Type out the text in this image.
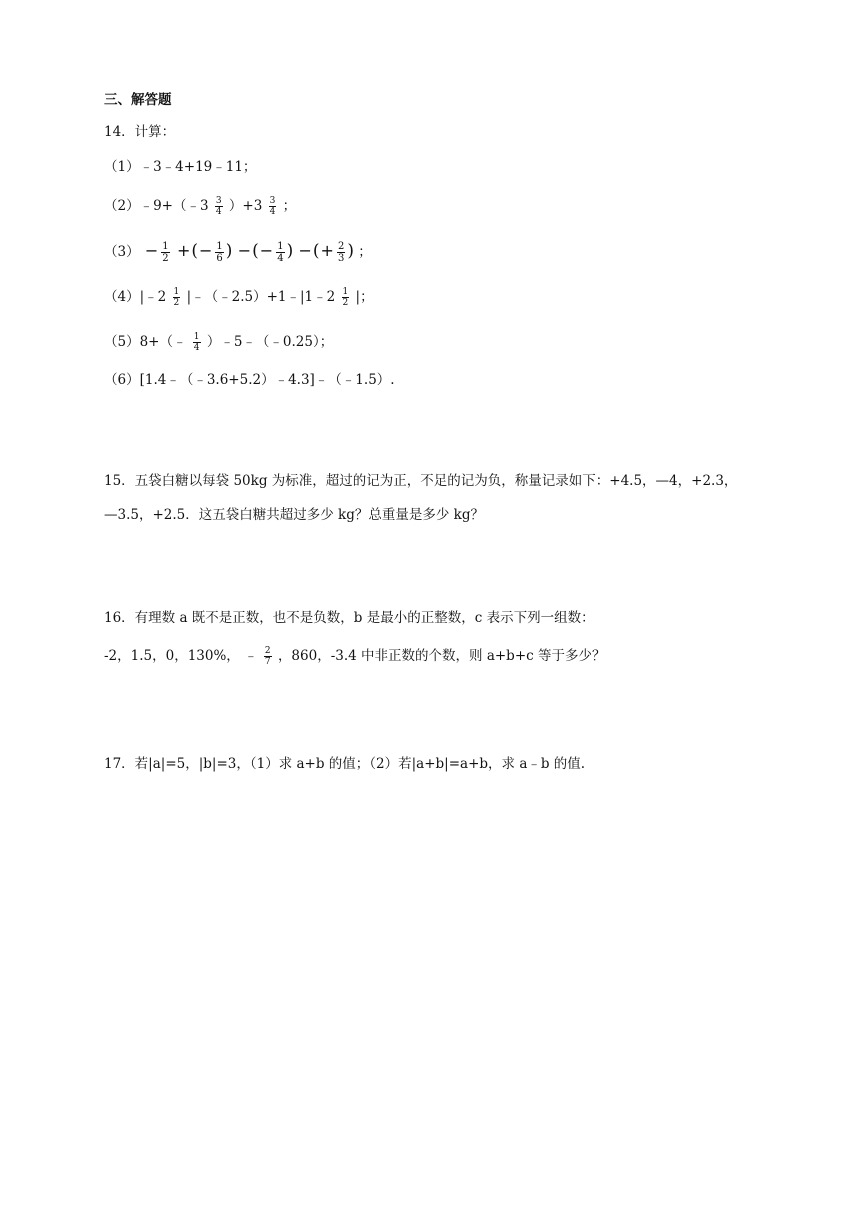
三、解答题
14．计算：
（1）﹣3﹣4+19﹣11；
（2）﹣9+（﹣3 $\frac{3}{4} )+3 \frac{3}{4}$ ；
$(3) - \frac{1}{2}$ +(− $\frac{1}{6}$ ) −(− $\frac{1}{4}$ ) −(+ $\frac{2}{3}$ ) ；
（4）|﹣2 $\frac{1}{2}$ |﹣（﹣2.5）+1﹣|1﹣2 $\frac{1}{2}$ |；
（5）8+（﹣ $\frac{1}{4}$ ）﹣5﹣（﹣0.25）；
（6）[1.4﹣（﹣3.6+5.2）﹣4.3]﹣（﹣1.5）.
15．五袋白糖以每袋 50kg 为标准，超过的记为正，不足的记为负，称量记录如下：+4.5，—4，+2.3，
—3.5，+2.5．这五袋白糖共超过多少 kg？总重量是多少 kg？
16．有理数 a 既不是正数，也不是负数，b 是最小的正整数，c 表示下列一组数：
-2，1.5，0，130%， ﹣ $\frac{2}{7}$ ，860，-3.4 中非正数的个数，则 a+b+c 等于多少？
17．若|a|=5，|b|=3，（1）求 a+b 的值；（2）若|a+b|=a+b，求 a﹣b 的值.
